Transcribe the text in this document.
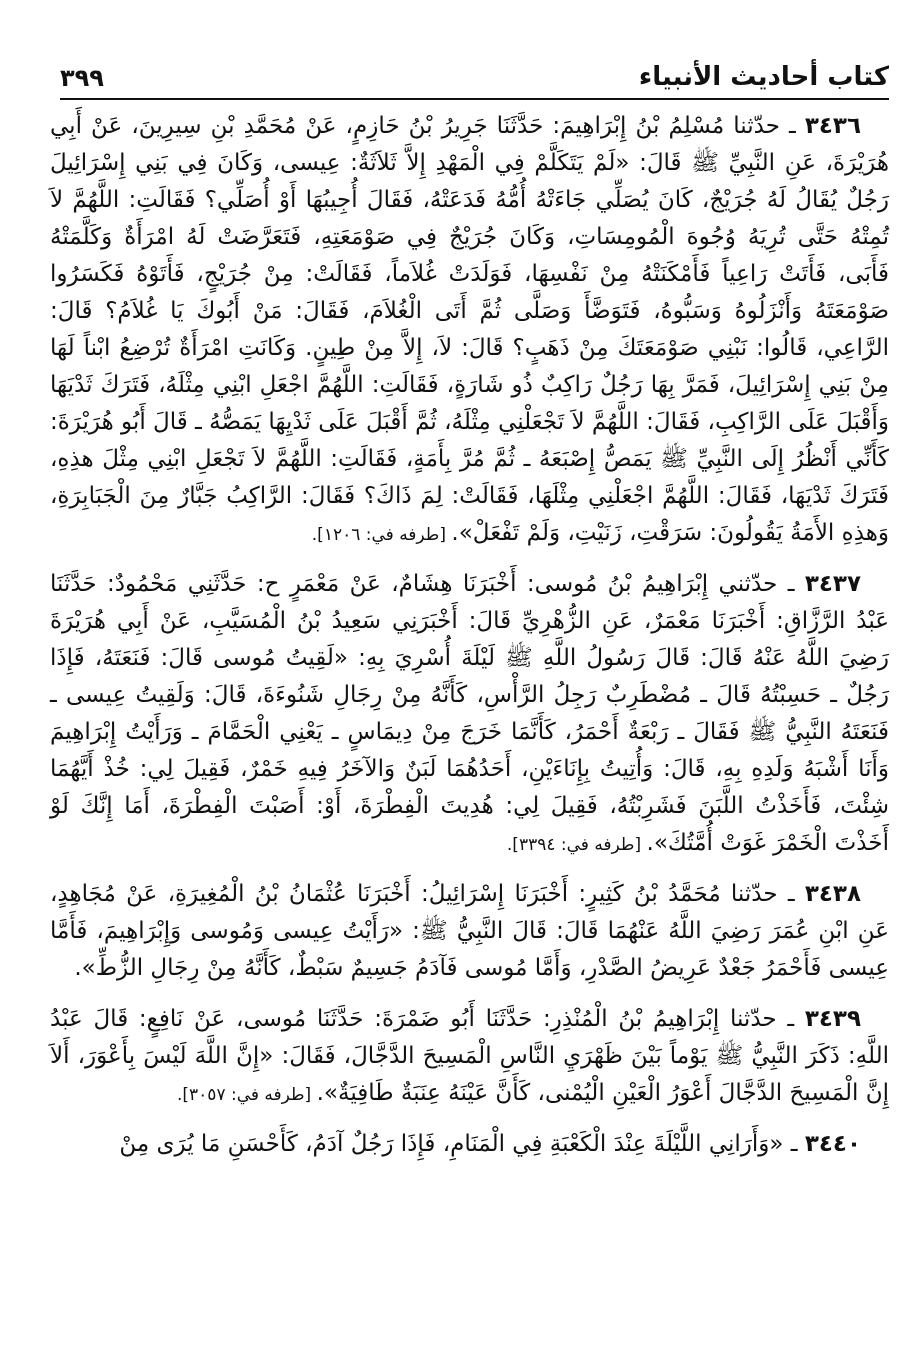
كتاب أحاديث الأنبياء
٣٩٩

٣٤٣٦ ـ حدّثنا مُسْلِمُ بْنُ إِبْرَاهِيمَ: حَدَّثَنَا جَرِيرُ بْنُ حَازِمٍ، عَنْ مُحَمَّدِ بْنِ سِيرِينَ، عَنْ أَبِي هُرَيْرَةَ، عَنِ النَّبِيِّ ﷺ قَالَ: «لَمْ يَتَكَلَّمْ فِي الْمَهْدِ إِلاَّ ثَلاَثَةٌ: عِيسى، وَكَانَ فِي بَنِي إِسْرَائِيلَ رَجُلٌ يُقَالُ لَهُ جُرَيْجٌ، كَانَ يُصَلِّي جَاءَتْهُ أُمُّهُ فَدَعَتْهُ، فَقَالَ أُجِيبُهَا أَوْ أُصَلِّي؟ فَقَالَتِ: اللَّهُمَّ لاَ تُمِتْهُ حَتَّى تُرِيَهُ وُجُوهَ الْمُومِسَاتِ، وَكَانَ جُرَيْجٌ فِي صَوْمَعَتِهِ، فَتَعَرَّضَتْ لَهُ امْرَأَةٌ وَكَلَّمَتْهُ فَأَبَى، فَأَتَتْ رَاعِياً فَأَمْكَنَتْهُ مِنْ نَفْسِهَا، فَوَلَدَتْ غُلاَماً، فَقَالَتْ: مِنْ جُرَيْجٍ، فَأَتَوْهُ فَكَسَرُوا صَوْمَعَتَهُ وَأَنْزَلُوهُ وَسَبُّوهُ، فَتَوَضَّأَ وَصَلَّى ثُمَّ أَتَى الْغُلاَمَ، فَقَالَ: مَنْ أَبُوكَ يَا غُلاَمُ؟ قَالَ: الرَّاعِي، قَالُوا: نَبْنِي صَوْمَعَتَكَ مِنْ ذَهَبٍ؟ قَالَ: لاَ، إِلاَّ مِنْ طِينٍ. وَكَانَتِ امْرَأَةٌ تُرْضِعُ ابْناً لَهَا مِنْ بَنِي إِسْرَائِيلَ، فَمَرَّ بِهَا رَجُلٌ رَاكِبٌ ذُو شَارَةٍ، فَقَالَتِ: اللَّهُمَّ اجْعَلِ ابْنِي مِثْلَهُ، فَتَرَكَ ثَدْيَهَا وَأَقْبَلَ عَلَى الرَّاكِبِ، فَقَالَ: اللَّهُمَّ لاَ تَجْعَلْنِي مِثْلَهُ، ثُمَّ أَقْبَلَ عَلَى ثَدْيِهَا يَمَصُّهُ ـ قَالَ أَبُو هُرَيْرَةَ: كَأَنِّي أَنْظُرُ إِلَى النَّبِيِّ ﷺ يَمَصُّ إِصْبَعَهُ ـ ثُمَّ مُرَّ بِأَمَةٍ، فَقَالَتِ: اللَّهُمَّ لاَ تَجْعَلِ ابْنِي مِثْلَ هذِهِ، فَتَرَكَ ثَدْيَهَا، فَقَالَ: اللَّهُمَّ اجْعَلْنِي مِثْلَهَا، فَقَالَتْ: لِمَ ذَاكَ؟ فَقَالَ: الرَّاكِبُ جَبَّارٌ مِنَ الْجَبَابِرَةِ، وَهذِهِ الأَمَةُ يَقُولُونَ: سَرَقْتِ، زَنَيْتِ، وَلَمْ تَفْعَلْ». [طرفه في: ١٢٠٦].

٣٤٣٧ ـ حدّثني إِبْرَاهِيمُ بْنُ مُوسى: أَخْبَرَنَا هِشَامٌ، عَنْ مَعْمَرٍ ح: حَدَّثَنِي مَحْمُودٌ: حَدَّثَنَا عَبْدُ الرَّزَّاقِ: أَخْبَرَنَا مَعْمَرٌ، عَنِ الزُّهْرِيِّ قَالَ: أَخْبَرَنِي سَعِيدُ بْنُ الْمُسَيَّبِ، عَنْ أَبِي هُرَيْرَةَ رَضِيَ اللَّهُ عَنْهُ قَالَ: قَالَ رَسُولُ اللَّهِ ﷺ لَيْلَةَ أُسْرِيَ بِهِ: «لَقِيتُ مُوسى قَالَ: فَنَعَتَهُ، فَإِذَا رَجُلٌ ـ حَسِبْتُهُ قَالَ ـ مُضْطَرِبٌ رَجِلُ الرَّأْسِ، كَأَنَّهُ مِنْ رِجَالِ شَنُوءَةَ، قَالَ: وَلَقِيتُ عِيسى ـ فَنَعَتَهُ النَّبِيُّ ﷺ فَقَالَ ـ رَبْعَةٌ أَحْمَرُ، كَأَنَّمَا خَرَجَ مِنْ دِيمَاسٍ ـ يَعْنِي الْحَمَّامَ ـ وَرَأَيْتُ إِبْرَاهِيمَ وَأَنَا أَشْبَهُ وَلَدِهِ بِهِ، قَالَ: وَأُتِيتُ بِإِنَاءَيْنِ، أَحَدُهُمَا لَبَنٌ وَالآخَرُ فِيهِ خَمْرٌ، فَقِيلَ لِي: خُذْ أَيَّهُمَا شِئْتَ، فَأَخَذْتُ اللَّبَنَ فَشَرِبْتُهُ، فَقِيلَ لِي: هُدِيتَ الْفِطْرَةَ، أَوْ: أَصَبْتَ الْفِطْرَةَ، أَمَا إِنَّكَ لَوْ أَخَذْتَ الْخَمْرَ غَوَتْ أُمَّتُكَ». [طرفه في: ٣٣٩٤].

٣٤٣٨ ـ حدّثنا مُحَمَّدُ بْنُ كَثِيرٍ: أَخْبَرَنَا إِسْرَائِيلُ: أَخْبَرَنَا عُثْمَانُ بْنُ الْمُغِيرَةِ، عَنْ مُجَاهِدٍ، عَنِ ابْنِ عُمَرَ رَضِيَ اللَّهُ عَنْهُمَا قَالَ: قَالَ النَّبِيُّ ﷺ: «رَأَيْتُ عِيسى وَمُوسى وَإِبْرَاهِيمَ، فَأَمَّا عِيسى فَأَحْمَرُ جَعْدٌ عَرِيضُ الصَّدْرِ، وَأَمَّا مُوسى فَآدَمُ جَسِيمٌ سَبْطٌ، كَأَنَّهُ مِنْ رِجَالِ الزُّطِّ».

٣٤٣٩ ـ حدّثنا إِبْرَاهِيمُ بْنُ الْمُنْذِرِ: حَدَّثَنَا أَبُو ضَمْرَةَ: حَدَّثَنَا مُوسى، عَنْ نَافِعٍ: قَالَ عَبْدُ اللَّهِ: ذَكَرَ النَّبِيُّ ﷺ يَوْماً بَيْنَ ظَهْرَيِ النَّاسِ الْمَسِيحَ الدَّجَّالَ، فَقَالَ: «إِنَّ اللَّهَ لَيْسَ بِأَعْوَرَ، أَلاَ إِنَّ الْمَسِيحَ الدَّجَّالَ أَعْوَرُ الْعَيْنِ الْيُمْنى، كَأَنَّ عَيْنَهُ عِنَبَةٌ طَافِيَةٌ». [طرفه في: ٣٠٥٧].

٣٤٤٠ ـ «وَأَرَانِي اللَّيْلَةَ عِنْدَ الْكَعْبَةِ فِي الْمَنَامِ، فَإِذَا رَجُلٌ آدَمُ، كَأَحْسَنِ مَا يُرَى مِنْ
